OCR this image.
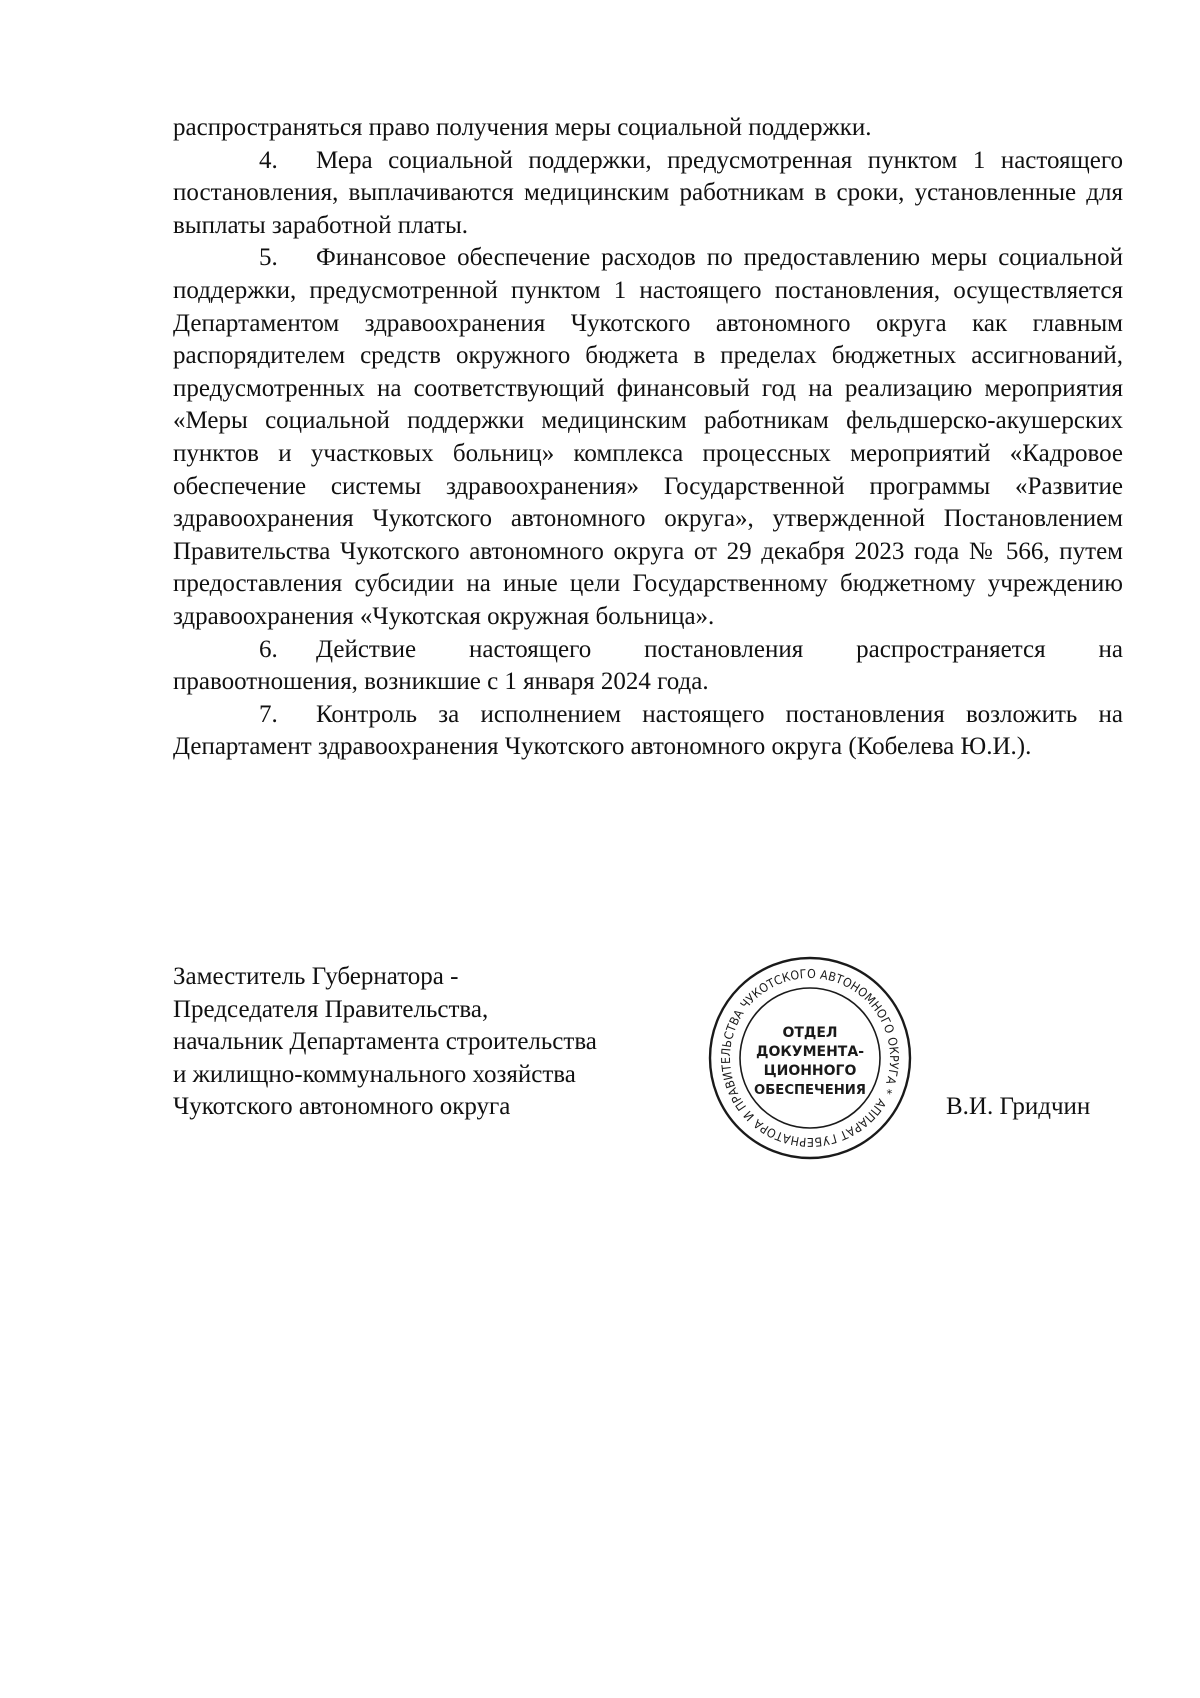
распространяться право получения меры социальной поддержки.

4. Мера социальной поддержки, предусмотренная пунктом 1 настоящего постановления, выплачиваются медицинским работникам в сроки, установленные для выплаты заработной платы.

5. Финансовое обеспечение расходов по предоставлению меры социальной поддержки, предусмотренной пунктом 1 настоящего постановления, осуществляется Департаментом здравоохранения Чукотского автономного округа как главным распорядителем средств окружного бюджета в пределах бюджетных ассигнований, предусмотренных на соответствующий финансовый год на реализацию мероприятия «Меры социальной поддержки медицинским работникам фельдшерско-акушерских пунктов и участковых больниц» комплекса процессных мероприятий «Кадровое обеспечение системы здравоохранения» Государственной программы «Развитие здравоохранения Чукотского автономного округа», утвержденной Постановлением Правительства Чукотского автономного округа от 29 декабря 2023 года № 566, путем предоставления субсидии на иные цели Государственному бюджетному учреждению здравоохранения «Чукотская окружная больница».

6. Действие настоящего постановления распространяется на правоотношения, возникшие с 1 января 2024 года.

7. Контроль за исполнением настоящего постановления возложить на Департамент здравоохранения Чукотского автономного округа (Кобелева Ю.И.).

Заместитель Губернатора -
Председателя Правительства,
начальник Департамента строительства
и жилищно-коммунального хозяйства
Чукотского автономного округа	АППАРАТ ГУБЕРНАТОРА И ПРАВИТЕЛЬСТВА ЧУКОТСКОГО АВТОНОМНОГО ОКРУГА *
ОТДЕЛ
ДОКУМЕНТА-
ЦИОННОГО
ОБЕСПЕЧЕНИЯ
В.И. Гридчин
